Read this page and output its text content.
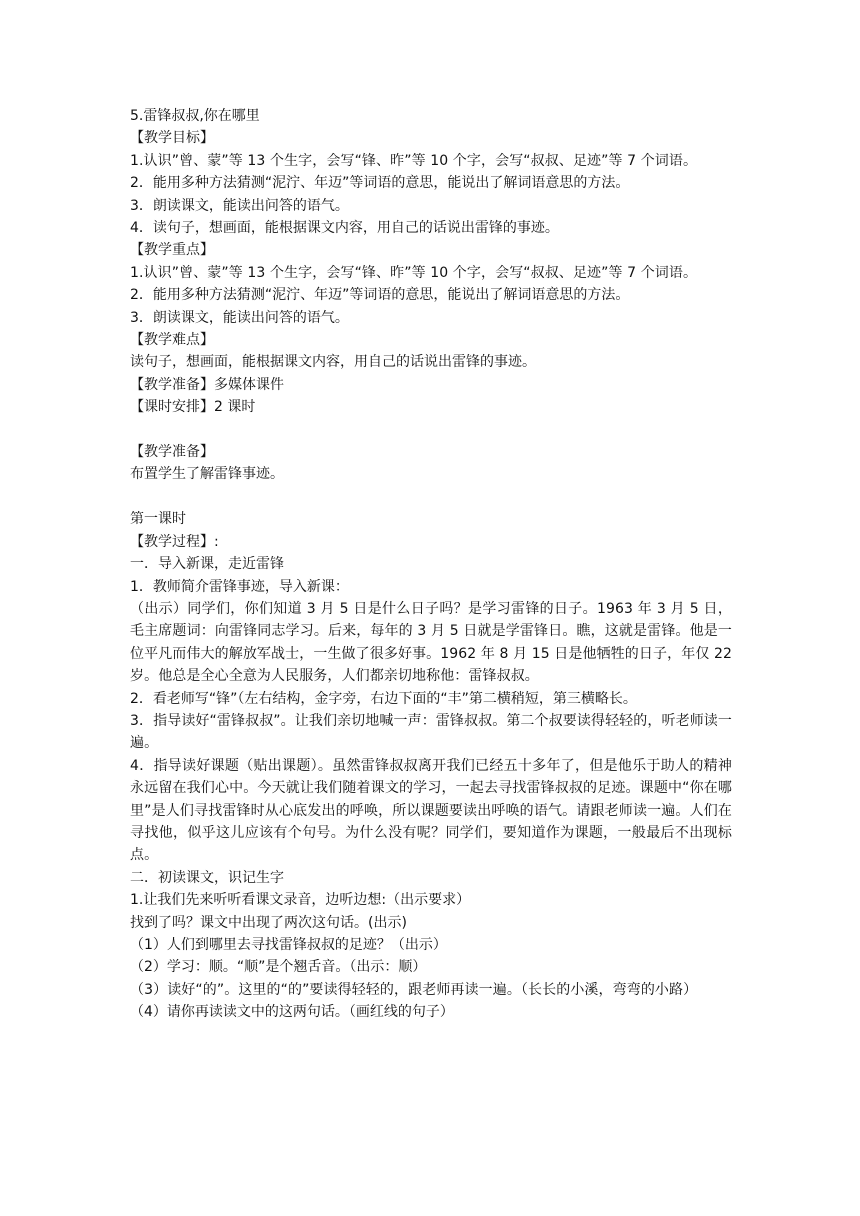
5.雷锋叔叔,你在哪里
【教学目标】
1.认识”曾、蒙”等 13 个生字，会写“锋、昨”等 10 个字，会写“叔叔、足迹”等 7 个词语。
2．能用多种方法猜测“泥泞、年迈”等词语的意思，能说出了解词语意思的方法。
3．朗读课文，能读出问答的语气。
4．读句子，想画面，能根据课文内容，用自己的话说出雷锋的事迹。
【教学重点】
1.认识”曾、蒙”等 13 个生字，会写“锋、昨”等 10 个字，会写“叔叔、足迹”等 7 个词语。
2．能用多种方法猜测“泥泞、年迈”等词语的意思，能说出了解词语意思的方法。
3．朗读课文，能读出问答的语气。
【教学难点】
读句子，想画面，能根据课文内容，用自己的话说出雷锋的事迹。
【教学准备】多媒体课件
【课时安排】2 课时
【教学准备】
布置学生了解雷锋事迹。
第一课时
【教学过程】:
一．导入新课，走近雷锋
1．教师简介雷锋事迹，导入新课：
（出示）同学们，你们知道 3 月 5 日是什么日子吗？是学习雷锋的日子。1963 年 3 月 5 日，毛主席题词：向雷锋同志学习。后来，每年的 3 月 5 日就是学雷锋日。瞧，这就是雷锋。他是一位平凡而伟大的解放军战士，一生做了很多好事。1962 年 8 月 15 日是他牺牲的日子，年仅 22 岁。他总是全心全意为人民服务，人们都亲切地称他：雷锋叔叔。
2．看老师写“锋”（左右结构，金字旁，右边下面的“丰”第二横稍短，第三横略长。
3．指导读好“雷锋叔叔”。让我们亲切地喊一声：雷锋叔叔。第二个叔要读得轻轻的，听老师读一遍。
4．指导读好课题（贴出课题）。虽然雷锋叔叔离开我们已经五十多年了，但是他乐于助人的精神永远留在我们心中。今天就让我们随着课文的学习，一起去寻找雷锋叔叔的足迹。课题中“你在哪里”是人们寻找雷锋时从心底发出的呼唤，所以课题要读出呼唤的语气。请跟老师读一遍。人们在寻找他，似乎这儿应该有个句号。为什么没有呢？同学们，要知道作为课题，一般最后不出现标点。
二．初读课文，识记生字
1.让我们先来听听看课文录音，边听边想:（出示要求）
找到了吗？课文中出现了两次这句话。(出示)
（1）人们到哪里去寻找雷锋叔叔的足迹？（出示）
（2）学习：顺。“顺”是个翘舌音。（出示：顺）
（3）读好“的”。这里的“的”要读得轻轻的，跟老师再读一遍。（长长的小溪，弯弯的小路）
（4）请你再读读文中的这两句话。（画红线的句子）
